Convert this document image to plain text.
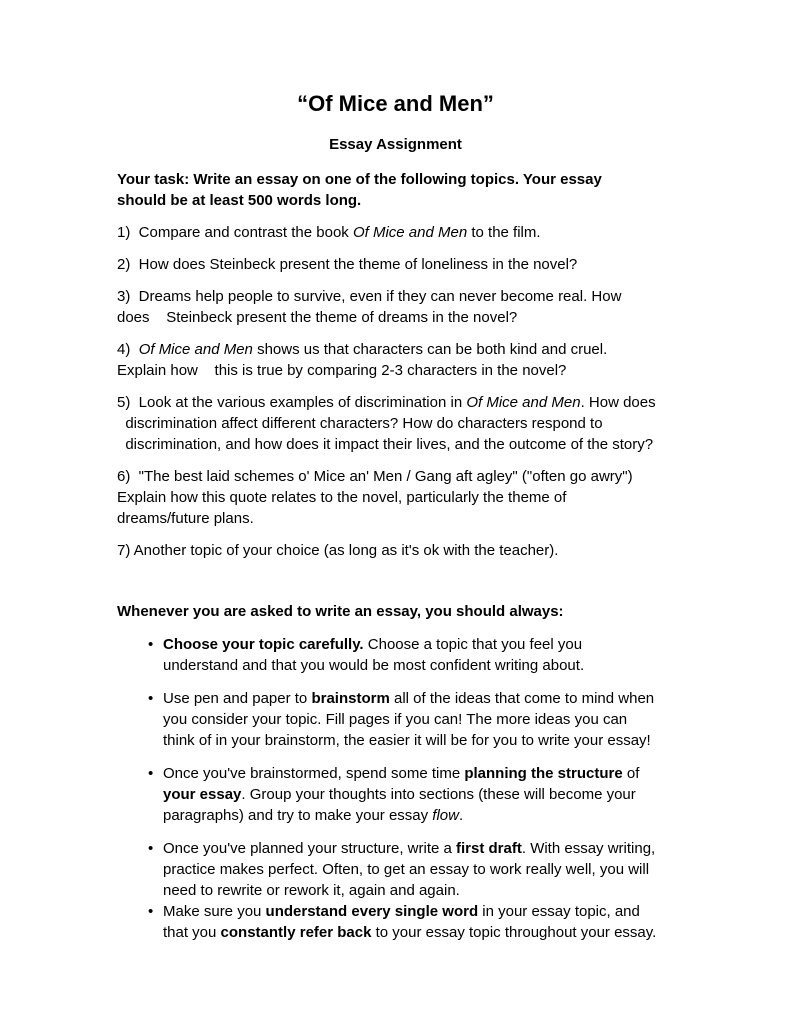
“Of Mice and Men”
Essay Assignment

Your task: Write an essay on one of the following topics. Your essay
should be at least 500 words long.

1)  Compare and contrast the book Of Mice and Men to the film.

2)  How does Steinbeck present the theme of loneliness in the novel?

3)  Dreams help people to survive, even if they can never become real. How
does    Steinbeck present the theme of dreams in the novel?

4)  Of Mice and Men shows us that characters can be both kind and cruel.
Explain how    this is true by comparing 2-3 characters in the novel?

5)  Look at the various examples of discrimination in Of Mice and Men. How does
discrimination affect different characters? How do characters respond to
discrimination, and how does it impact their lives, and the outcome of the story?

6)  "The best laid schemes o' Mice an' Men / Gang aft agley" ("often go awry")
Explain how this quote relates to the novel, particularly the theme of
dreams/future plans.

7) Another topic of your choice (as long as it's ok with the teacher).

Whenever you are asked to write an essay, you should always:

• Choose your topic carefully. Choose a topic that you feel you
understand and that you would be most confident writing about.
• Use pen and paper to brainstorm all of the ideas that come to mind when
you consider your topic. Fill pages if you can! The more ideas you can
think of in your brainstorm, the easier it will be for you to write your essay!
• Once you've brainstormed, spend some time planning the structure of
your essay. Group your thoughts into sections (these will become your
paragraphs) and try to make your essay flow.
• Once you've planned your structure, write a first draft. With essay writing,
practice makes perfect. Often, to get an essay to work really well, you will
need to rewrite or rework it, again and again.
• Make sure you understand every single word in your essay topic, and
that you constantly refer back to your essay topic throughout your essay.
